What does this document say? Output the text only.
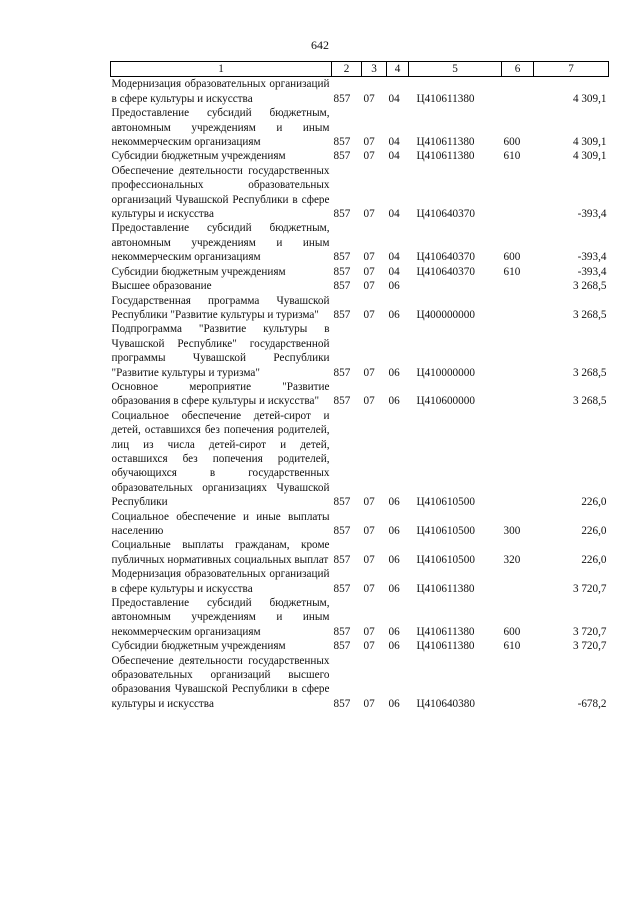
642
1	2	3	4	5	6	7
Модернизация образовательных организаций в сфере культуры и искусства	857	07	04	Ц410611380		4 309,1
Предоставление субсидий бюджетным, автономным учреждениям и иным некоммерческим организациям	857	07	04	Ц410611380	600	4 309,1
Субсидии бюджетным учреждениям	857	07	04	Ц410611380	610	4 309,1
Обеспечение деятельности государственных профессиональных образовательных организаций Чувашской Республики в сфере культуры и искусства	857	07	04	Ц410640370		-393,4
Предоставление субсидий бюджетным, автономным учреждениям и иным некоммерческим организациям	857	07	04	Ц410640370	600	-393,4
Субсидии бюджетным учреждениям	857	07	04	Ц410640370	610	-393,4
Высшее образование	857	07	06			3 268,5
Государственная программа Чувашской Республики "Развитие культуры и туризма"	857	07	06	Ц400000000		3 268,5
Подпрограмма "Развитие культуры в Чувашской Республике" государственной программы Чувашской Республики "Развитие культуры и туризма"	857	07	06	Ц410000000		3 268,5
Основное мероприятие "Развитие образования в сфере культуры и искусства"	857	07	06	Ц410600000		3 268,5
Социальное обеспечение детей-сирот и детей, оставшихся без попечения родителей, лиц из числа детей-сирот и детей, оставшихся без попечения родителей, обучающихся в государственных образовательных организациях Чувашской Республики	857	07	06	Ц410610500		226,0
Социальное обеспечение и иные выплаты населению	857	07	06	Ц410610500	300	226,0
Социальные выплаты гражданам, кроме публичных нормативных социальных выплат	857	07	06	Ц410610500	320	226,0
Модернизация образовательных организаций в сфере культуры и искусства	857	07	06	Ц410611380		3 720,7
Предоставление субсидий бюджетным, автономным учреждениям и иным некоммерческим организациям	857	07	06	Ц410611380	600	3 720,7
Субсидии бюджетным учреждениям	857	07	06	Ц410611380	610	3 720,7
Обеспечение деятельности государственных образовательных организаций высшего образования Чувашской Республики в сфере культуры и искусства	857	07	06	Ц410640380		-678,2
